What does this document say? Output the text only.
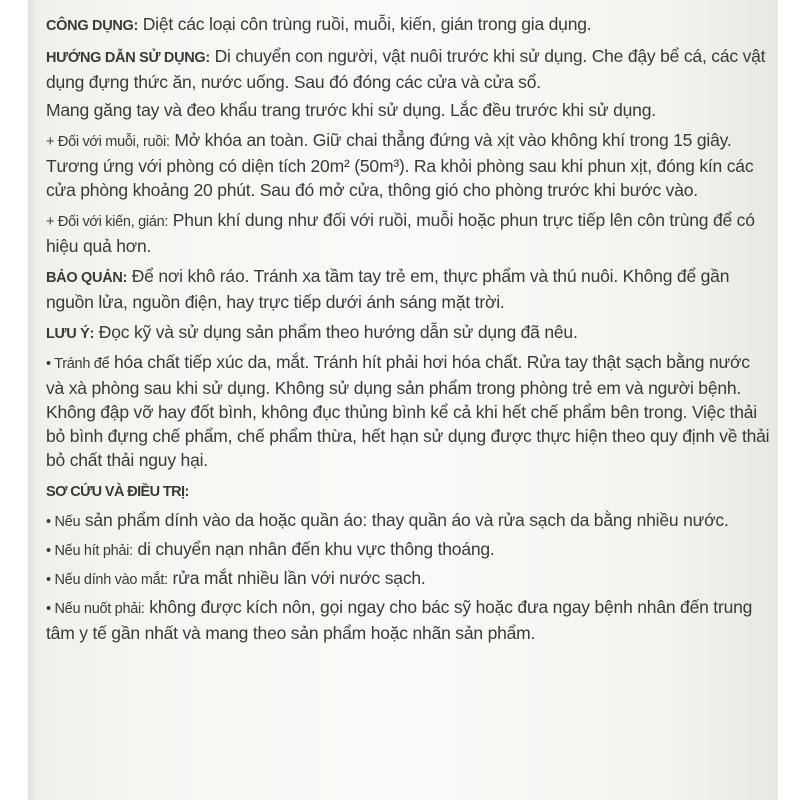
CÔNG DỤNG: Diệt các loại côn trùng ruồi, muỗi, kiến, gián trong gia dụng.

HƯỚNG DẪN SỬ DỤNG: Di chuyển con người, vật nuôi trước khi sử dụng. Che đậy bể cá, các vật dụng đựng thức ăn, nước uống. Sau đó đóng các cửa và cửa sổ.

Mang găng tay và đeo khẩu trang trước khi sử dụng. Lắc đều trước khi sử dụng.

+ Đối với muỗi, ruồi: Mở khóa an toàn. Giữ chai thẳng đứng và xịt vào không khí trong 15 giây. Tương ứng với phòng có diện tích 20m² (50m³). Ra khỏi phòng sau khi phun xịt, đóng kín các cửa phòng khoảng 20 phút. Sau đó mở cửa, thông gió cho phòng trước khi bước vào.

+ Đối với kiến, gián: Phun khí dung như đối với ruồi, muỗi hoặc phun trực tiếp lên côn trùng để có hiệu quả hơn.

BẢO QUẢN: Để nơi khô ráo. Tránh xa tầm tay trẻ em, thực phẩm và thú nuôi. Không để gần nguồn lửa, nguồn điện, hay trực tiếp dưới ánh sáng mặt trời.

LƯU Ý: Đọc kỹ và sử dụng sản phẩm theo hướng dẫn sử dụng đã nêu.

• Tránh để hóa chất tiếp xúc da, mắt. Tránh hít phải hơi hóa chất. Rửa tay thật sạch bằng nước và xà phòng sau khi sử dụng. Không sử dụng sản phẩm trong phòng trẻ em và người bệnh. Không đập vỡ hay đốt bình, không đục thủng bình kể cả khi hết chế phẩm bên trong. Việc thải bỏ bình đựng chế phẩm, chế phẩm thừa, hết hạn sử dụng được thực hiện theo quy định về thải bỏ chất thải nguy hại.

SƠ CỨU VÀ ĐIỀU TRỊ:

• Nếu sản phẩm dính vào da hoặc quần áo: thay quần áo và rửa sạch da bằng nhiều nước.

• Nếu hít phải: di chuyển nạn nhân đến khu vực thông thoáng.

• Nếu dính vào mắt: rửa mắt nhiều lần với nước sạch.

• Nếu nuốt phải: không được kích nôn, gọi ngay cho bác sỹ hoặc đưa ngay bệnh nhân đến trung tâm y tế gần nhất và mang theo sản phẩm hoặc nhãn sản phẩm.
